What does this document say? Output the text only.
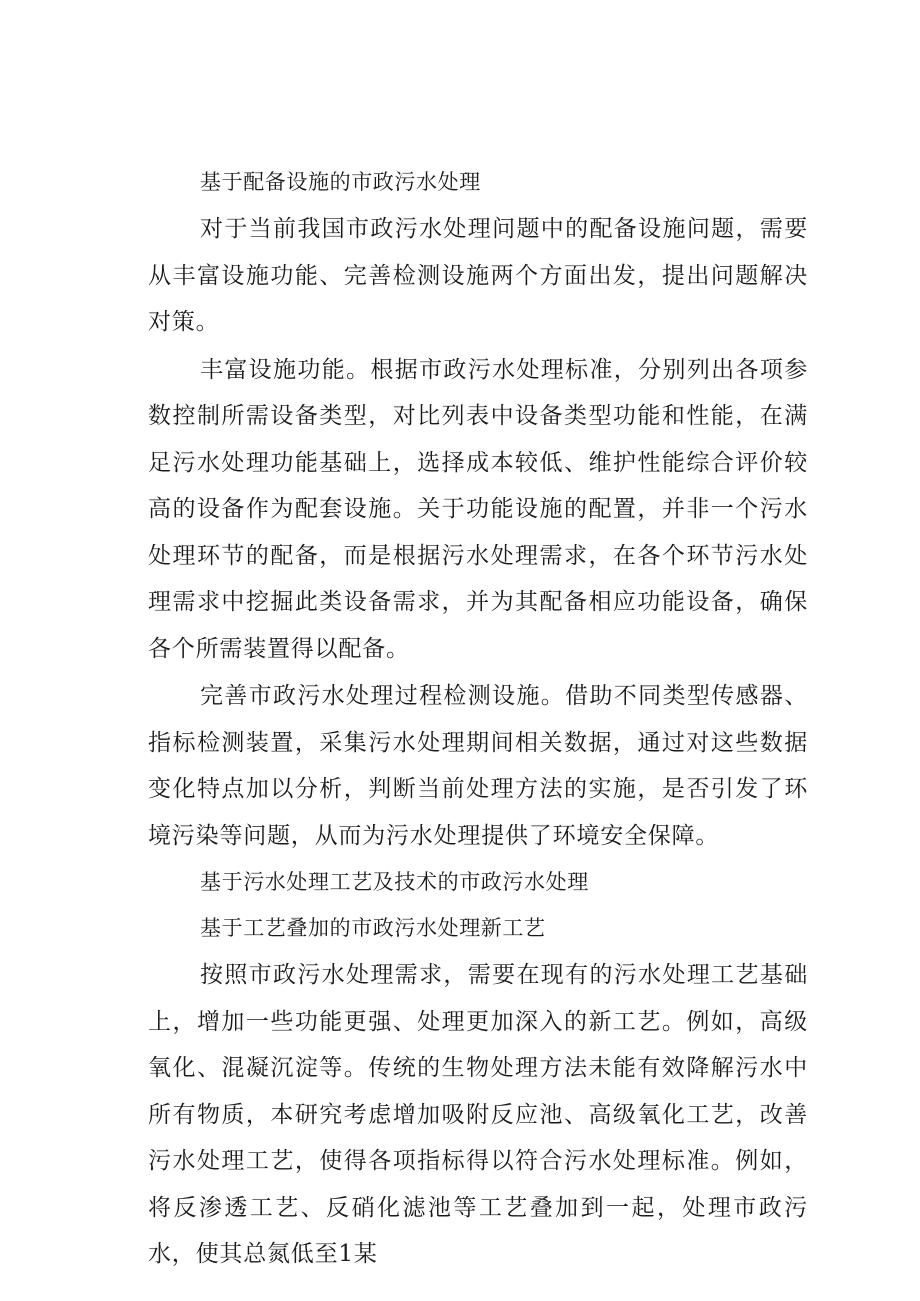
基于配备设施的市政污水处理

对于当前我国市政污水处理问题中的配备设施问题，需要从丰富设施功能、完善检测设施两个方面出发，提出问题解决对策。

丰富设施功能。根据市政污水处理标准，分别列出各项参数控制所需设备类型，对比列表中设备类型功能和性能，在满足污水处理功能基础上，选择成本较低、维护性能综合评价较高的设备作为配套设施。关于功能设施的配置，并非一个污水处理环节的配备，而是根据污水处理需求，在各个环节污水处理需求中挖掘此类设备需求，并为其配备相应功能设备，确保各个所需装置得以配备。

完善市政污水处理过程检测设施。借助不同类型传感器、指标检测装置，采集污水处理期间相关数据，通过对这些数据变化特点加以分析，判断当前处理方法的实施，是否引发了环境污染等问题，从而为污水处理提供了环境安全保障。

基于污水处理工艺及技术的市政污水处理
基于工艺叠加的市政污水处理新工艺

按照市政污水处理需求，需要在现有的污水处理工艺基础上，增加一些功能更强、处理更加深入的新工艺。例如，高级氧化、混凝沉淀等。传统的生物处理方法未能有效降解污水中所有物质，本研究考虑增加吸附反应池、高级氧化工艺，改善污水处理工艺，使得各项指标得以符合污水处理标准。例如，将反渗透工艺、反硝化滤池等工艺叠加到一起，处理市政污水，使其总氮低至1某
